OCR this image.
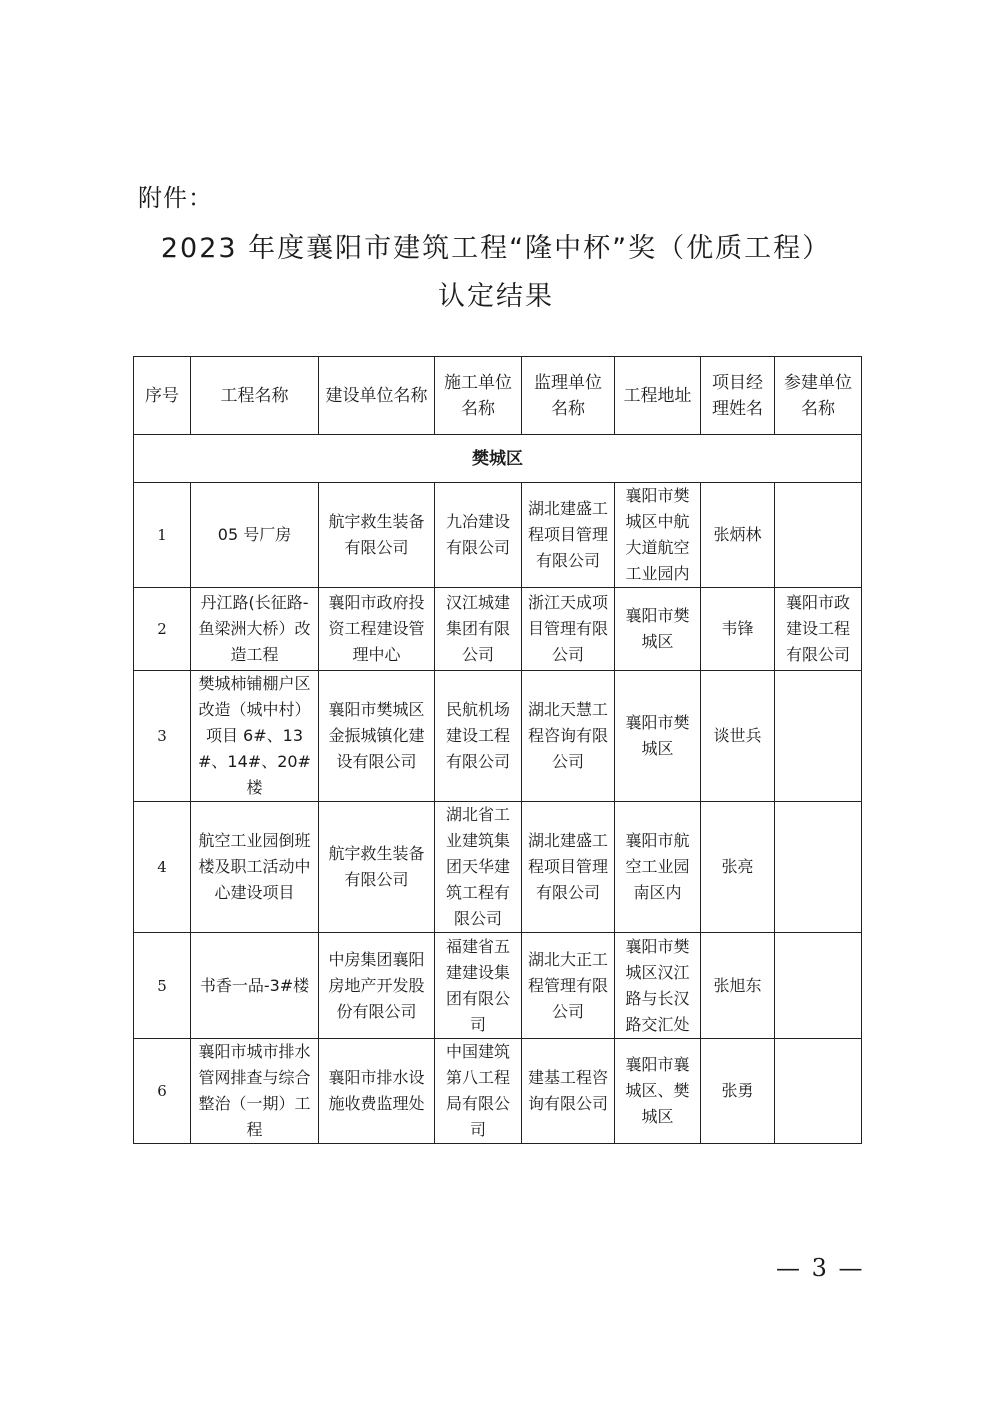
附件：
2023 年度襄阳市建筑工程“隆中杯”奖（优质工程）
认定结果
序号	工程名称	建设单位名称	施工单位名称	监理单位名称	工程地址	项目经理姓名	参建单位名称
樊城区							
1	05 号厂房	航宇救生装备有限公司	九冶建设有限公司	湖北建盛工程项目管理有限公司	襄阳市樊城区中航大道航空工业园内	张炳林	
2	丹江路(长征路-鱼梁洲大桥）改造工程	襄阳市政府投资工程建设管理中心	汉江城建集团有限公司	浙江天成项目管理有限公司	襄阳市樊城区	韦锋	襄阳市政建设工程有限公司
3	樊城柿铺棚户区改造（城中村）项目 6#、13#、14#、20#楼	襄阳市樊城区金振城镇化建设有限公司	民航机场建设工程有限公司	湖北天慧工程咨询有限公司	襄阳市樊城区	谈世兵	
4	航空工业园倒班楼及职工活动中心建设项目	航宇救生装备有限公司	湖北省工业建筑集团天华建筑工程有限公司	湖北建盛工程项目管理有限公司	襄阳市航空工业园南区内	张亮	
5	书香一品-3#楼	中房集团襄阳房地产开发股份有限公司	福建省五建建设集团有限公司	湖北大正工程管理有限公司	襄阳市樊城区汉江路与长汉路交汇处	张旭东	
6	襄阳市城市排水管网排查与综合整治（一期）工程	襄阳市排水设施收费监理处	中国建筑第八工程局有限公司	建基工程咨询有限公司	襄阳市襄城区、樊城区	张勇	
— 3 —
